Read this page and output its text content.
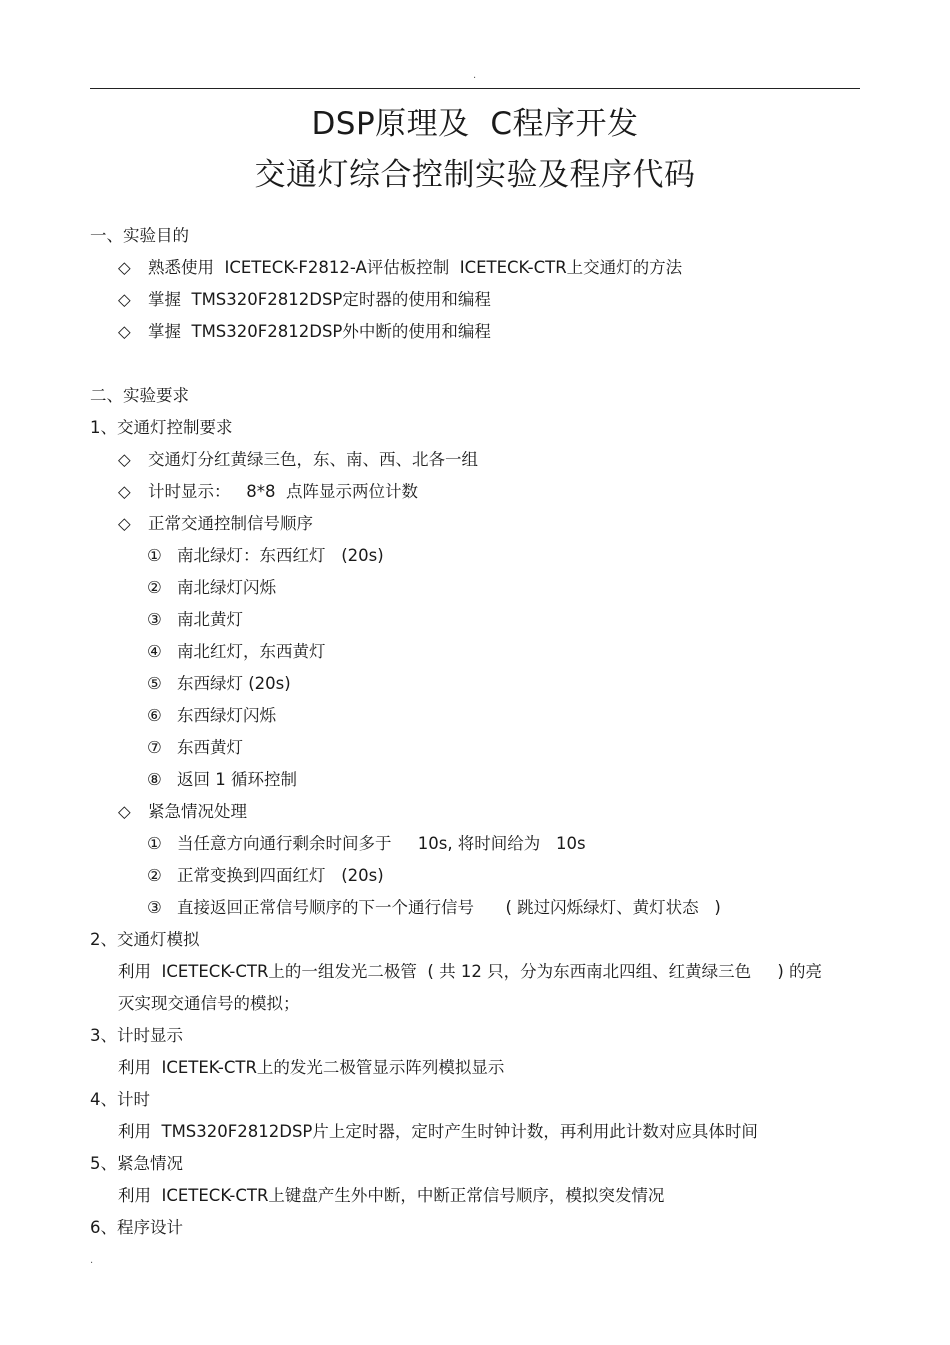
.
DSP原理及  C程序开发
交通灯综合控制实验及程序代码
一、实验目的
◇ 熟悉使用  ICETECK-F2812-A评估板控制  ICETECK-CTR上交通灯的方法
◇ 掌握  TMS320F2812DSP定时器的使用和编程
◇ 掌握  TMS320F2812DSP外中断的使用和编程
二、实验要求
1、交通灯控制要求
◇ 交通灯分红黄绿三色，东、南、西、北各一组
◇ 计时显示：   8*8  点阵显示两位计数
◇ 正常交通控制信号顺序
① 南北绿灯：东西红灯   (20s)
② 南北绿灯闪烁
③ 南北黄灯
④ 南北红灯，东西黄灯
⑤ 东西绿灯 (20s)
⑥ 东西绿灯闪烁
⑦ 东西黄灯
⑧ 返回 1 循环控制
◇ 紧急情况处理
① 当任意方向通行剩余时间多于     10s, 将时间给为   10s
② 正常变换到四面红灯   (20s)
③ 直接返回正常信号顺序的下一个通行信号      ( 跳过闪烁绿灯、黄灯状态   )
2、交通灯模拟
利用  ICETECK-CTR上的一组发光二极管  ( 共 12 只，分为东西南北四组、红黄绿三色     ) 的亮
灭实现交通信号的模拟；
3、计时显示
利用  ICETEK-CTR上的发光二极管显示阵列模拟显示
4、计时
利用  TMS320F2812DSP片上定时器，定时产生时钟计数，再利用此计数对应具体时间
5、紧急情况
利用  ICETECK-CTR上键盘产生外中断，中断正常信号顺序，模拟突发情况
6、程序设计
.
